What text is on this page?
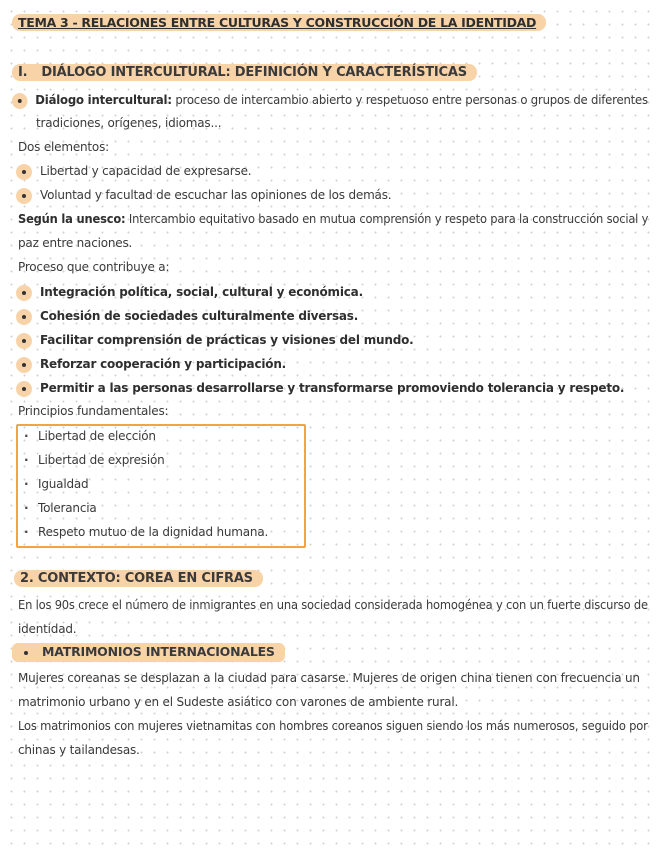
TEMA 3 - RELACIONES ENTRE CULTURAS Y CONSTRUCCIÓN DE LA IDENTIDAD
I. DIÁLOGO INTERCULTURAL: DEFINICIÓN Y CARACTERÍSTICAS
Diálogo intercultural: proceso de intercambio abierto y respetuoso entre personas o grupos de diferentes
tradiciones, orígenes, idiomas...
Dos elementos:
Libertad y capacidad de expresarse.
Voluntad y facultad de escuchar las opiniones de los demás.
Según la unesco: Intercambio equitativo basado en mutua comprensión y respeto para la construcción social y
paz entre naciones.
Proceso que contribuye a:
Integración política, social, cultural y económica.
Cohesión de sociedades culturalmente diversas.
Facilitar comprensión de prácticas y visiones del mundo.
Reforzar cooperación y participación.
Permitir a las personas desarrollarse y transformarse promoviendo tolerancia y respeto.
Principios fundamentales:
· Libertad de elección
· Libertad de expresión
· Igualdad
· Tolerancia
· Respeto mutuo de la dignidad humana.
2. CONTEXTO: COREA EN CIFRAS
En los 90s crece el número de inmigrantes en una sociedad considerada homogénea y con un fuerte discurso de
identidad.
MATRIMONIOS INTERNACIONALES
Mujeres coreanas se desplazan a la ciudad para casarse. Mujeres de origen china tienen con frecuencia un
matrimonio urbano y en el Sudeste asiático con varones de ambiente rural.
Los matrimonios con mujeres vietnamitas con hombres coreanos siguen siendo los más numerosos, seguido por
chinas y tailandesas.
